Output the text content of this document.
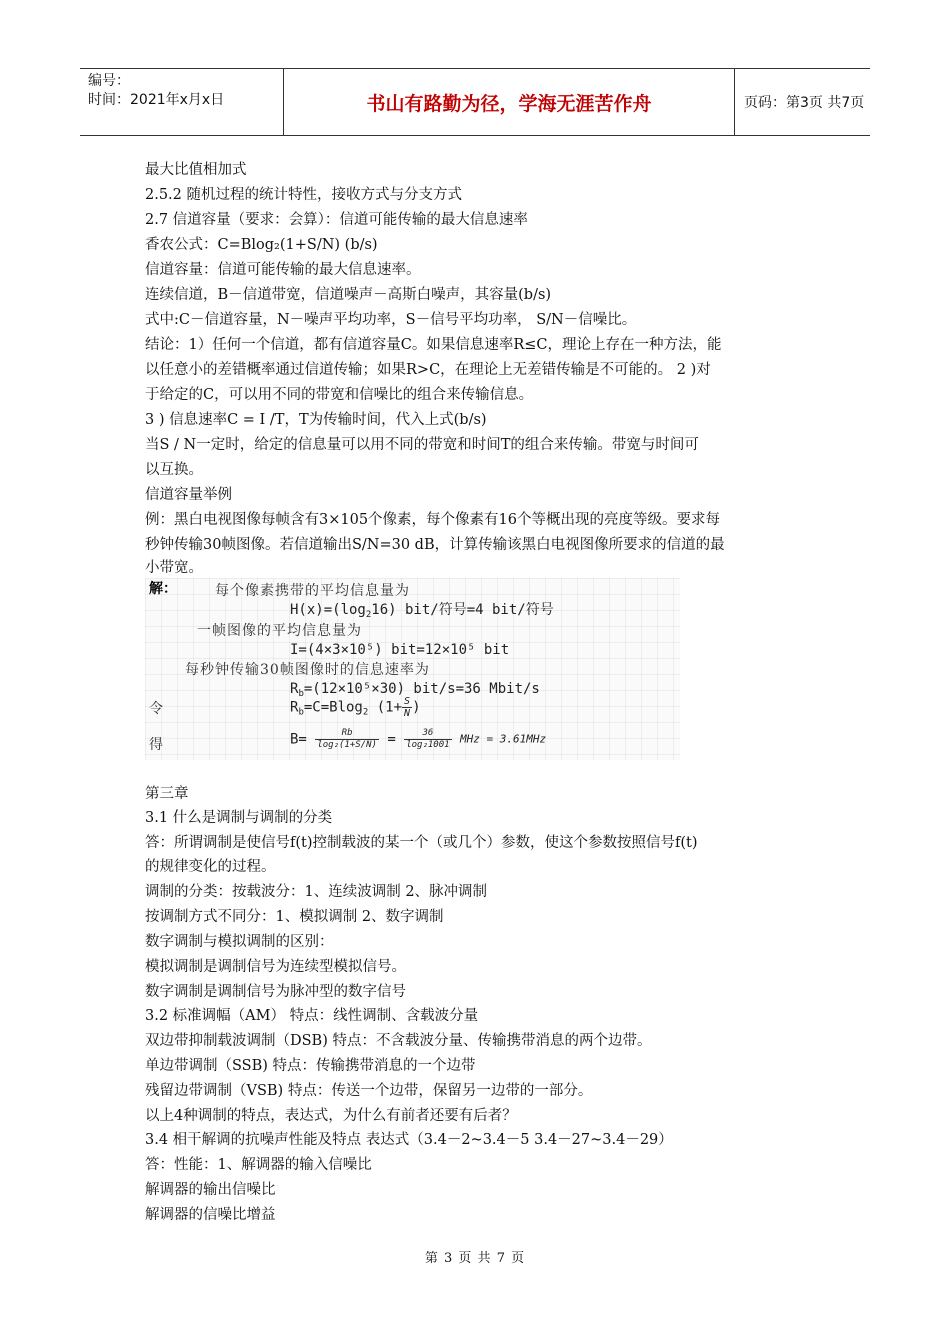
编号：
时间：2021年x月x日	书山有路勤为径，学海无涯苦作舟	页码：第3页 共7页
最大比值相加式
2.5.2 随机过程的统计特性，接收方式与分支方式
2.7 信道容量（要求：会算）：信道可能传输的最大信息速率
香农公式：C=Blog₂(1+S/N) (b/s)
信道容量：信道可能传输的最大信息速率。
连续信道，B－信道带宽，信道噪声－高斯白噪声，其容量(b/s)
式中:C－信道容量，N－噪声平均功率，S－信号平均功率， S/N－信噪比。
结论：1）任何一个信道，都有信道容量C。如果信息速率R≤C，理论上存在一种方法，能
以任意小的差错概率通过信道传输；如果R>C，在理论上无差错传输是不可能的。 2 )对
于给定的C，可以用不同的带宽和信噪比的组合来传输信息。
3 ) 信息速率C = I /T，T为传输时间，代入上式(b/s)
当S / N一定时，给定的信息量可以用不同的带宽和时间T的组合来传输。带宽与时间可
以互换。
信道容量举例
例：黑白电视图像每帧含有3×105个像素，每个像素有16个等概出现的亮度等级。要求每
秒钟传输30帧图像。若信道输出S/N=30 dB，计算传输该黑白电视图像所要求的信道的最
小带宽。
解：	每个像素携带的平均信息量为
$H(x)=(\log_216)$ bit/符号=4 bit/符号
一帧图像的平均信息量为
I=(4×3×10⁵) bit=12×10⁵ bit
每秒钟传输30帧图像时的信息速率为
$R_b=(12\times 10^5\times 30)$ bit/s=36 Mbit/s
令	$R_b=C=Blog_2$ ($1+ \frac{S}{N}$ )
得	$B= \frac{Rb}{\text{log₂(1+S/N)}} = \frac{36}{\text{log₂1001}}$ MHz = 3.61MHz
第三章
3.1 什么是调制与调制的分类
答：所谓调制是使信号f(t)控制载波的某一个（或几个）参数，使这个参数按照信号f(t)
的规律变化的过程。
调制的分类：按载波分：1、连续波调制 2、脉冲调制
按调制方式不同分：1、模拟调制 2、数字调制
数字调制与模拟调制的区别：
模拟调制是调制信号为连续型模拟信号。
数字调制是调制信号为脉冲型的数字信号
3.2 标准调幅（AM） 特点：线性调制、含载波分量
双边带抑制载波调制（DSB) 特点：不含载波分量、传输携带消息的两个边带。
单边带调制（SSB) 特点：传输携带消息的一个边带
残留边带调制（VSB) 特点：传送一个边带，保留另一边带的一部分。
以上4种调制的特点，表达式，为什么有前者还要有后者？
3.4 相干解调的抗噪声性能及特点 表达式（3.4－2~3.4－5 3.4－27~3.4－29）
答：性能：1、解调器的输入信噪比
解调器的输出信噪比
解调器的信噪比增益
第 3 页 共 7 页
